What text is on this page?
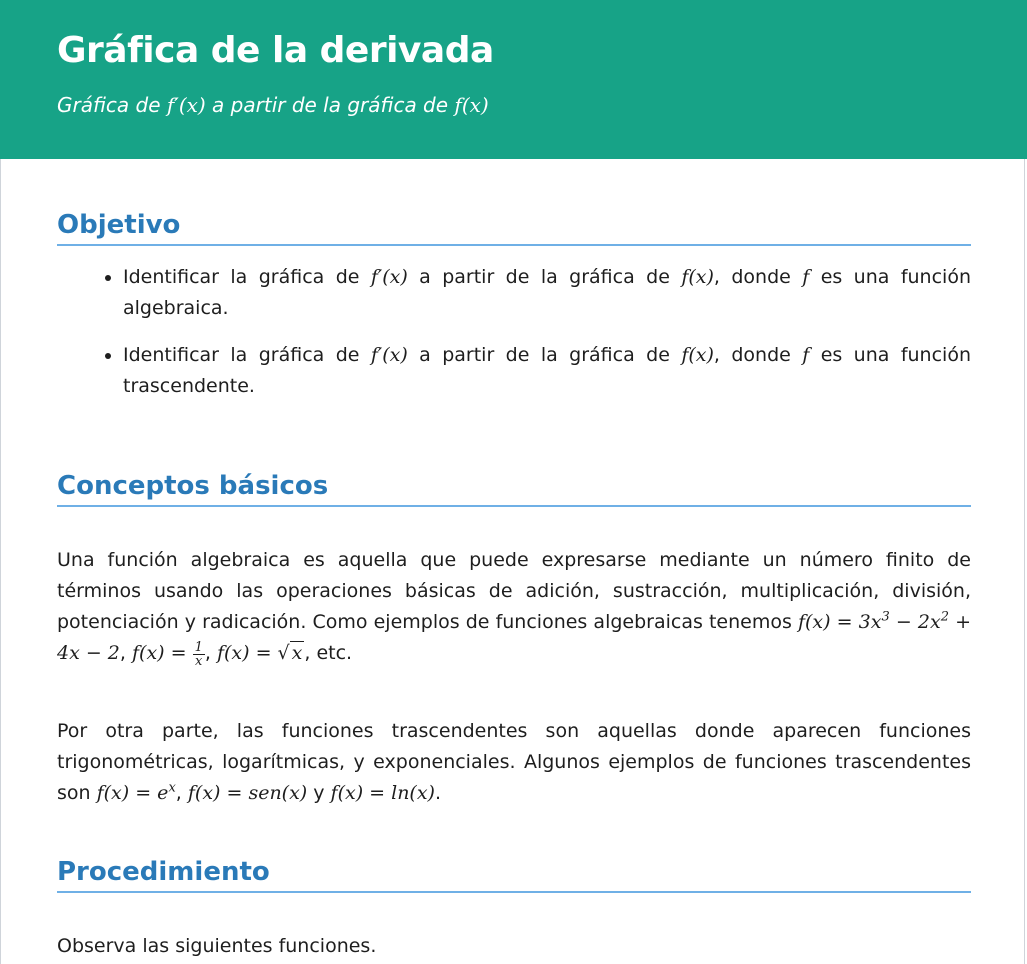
Gráfica de la derivada
Gráfica de f′(x) a partir de la gráfica de f(x)
Objetivo
• Identificar la gráfica de f′(x) a partir de la gráfica de f(x), donde f es una función algebraica.
• Identificar la gráfica de f′(x) a partir de la gráfica de f(x), donde f es una función trascendente.
Conceptos básicos

Una función algebraica es aquella que puede expresarse mediante un número finito de términos usando las operaciones básicas de adición, sustracción, multiplicación, división, potenciación y radicación. Como ejemplos de funciones algebraicas tenemos $f(x) = 3x^3 - 2x^2 + 4x - 2$, $f(x) = \frac{1}{x}$ , f(x) = √ x , etc.

Por otra parte, las funciones trascendentes son aquellas donde aparecen funciones trigonométricas, logarítmicas, y exponenciales. Algunos ejemplos de funciones trascendentes son $f(x) = e^x$, f(x) = sen(x) y f(x) = ln(x).

Procedimiento

Observa las siguientes funciones.
